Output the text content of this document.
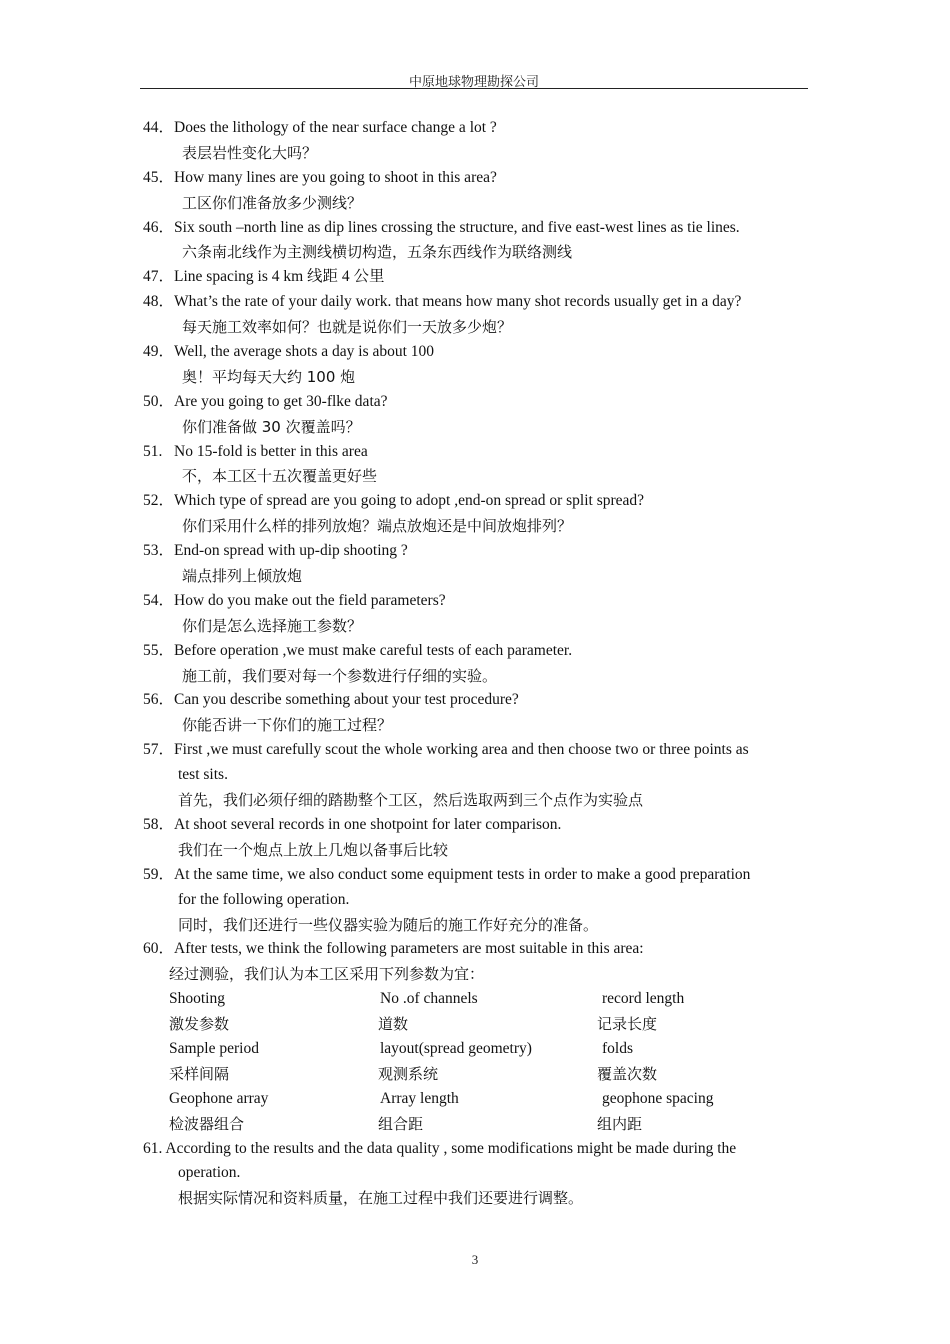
中原地球物理勘探公司
44．Does the lithology of the near surface change a lot ?
表层岩性变化大吗？
45．How many lines are you going to shoot in this area?
工区你们准备放多少测线？
46．Six south –north line as dip lines crossing the structure, and five east-west lines as tie lines.
六条南北线作为主测线横切构造，五条东西线作为联络测线
47．Line spacing is 4 km 线距 4 公里
48．What’s the rate of your daily work. that means how many shot records usually get in a day?
每天施工效率如何？也就是说你们一天放多少炮？
49．Well, the average shots a day is about 100
奥！平均每天大约 100 炮
50．Are you going to get 30-flke data?
你们准备做 30 次覆盖吗？
51.   No 15-fold is better in this area
不，本工区十五次覆盖更好些
52．Which type of spread are you going to adopt ,end-on spread or split spread?
你们采用什么样的排列放炮？端点放炮还是中间放炮排列？
53．End-on spread with up-dip shooting ?
端点排列上倾放炮
54．How do you make out the field parameters?
你们是怎么选择施工参数？
55．Before operation ,we must make careful tests of each parameter.
施工前，我们要对每一个参数进行仔细的实验。
56．Can you describe something about your test procedure?
你能否讲一下你们的施工过程？
57．First ,we must carefully scout the whole working area and then choose two or three points as
test sits.
首先，我们必须仔细的踏勘整个工区，然后选取两到三个点作为实验点
58．At shoot several records in one shotpoint for later comparison.
我们在一个炮点上放上几炮以备事后比较
59．At the same time, we also conduct some equipment tests in order to make a good preparation
for the following operation.
同时，我们还进行一些仪器实验为随后的施工作好充分的准备。
60．After tests, we think the following parameters are most suitable in this area:
经过测验，我们认为本工区采用下列参数为宜：
Shooting	No .of channels	record length
激发参数	道数	记录长度
Sample period	layout(spread geometry)	folds
采样间隔	观测系统	覆盖次数
Geophone array	Array length	geophone spacing
检波器组合	组合距	组内距
61. According to the results and the data quality , some modifications might be made during the
operation.
根据实际情况和资料质量，在施工过程中我们还要进行调整。
3
